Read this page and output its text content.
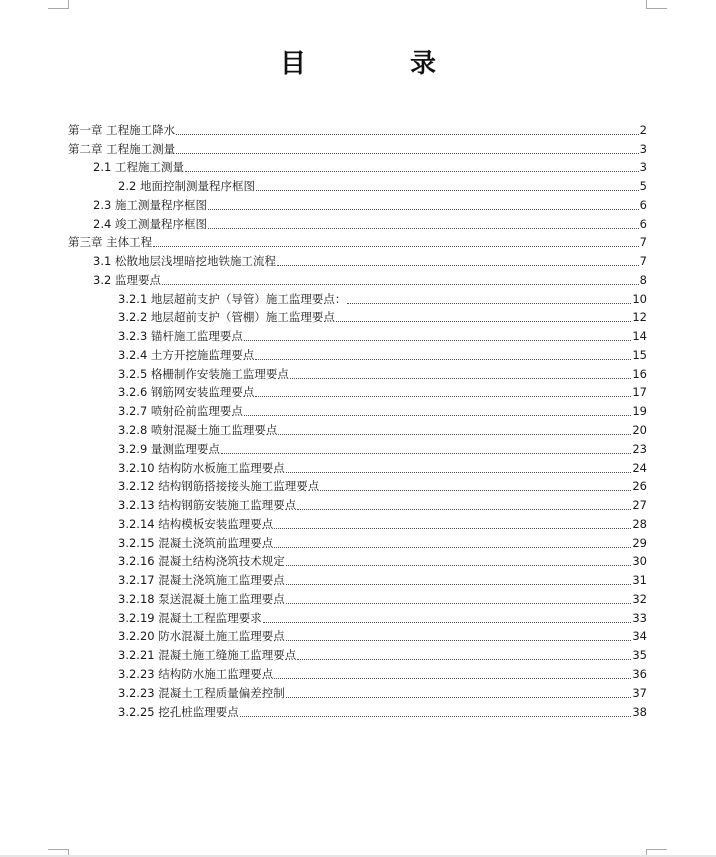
目	录
第一章 工程施工降水	2
第二章 工程施工测量	3
2.1 工程施工测量	3
2.2 地面控制测量程序框图	5
2.3 施工测量程序框图	6
2.4 竣工测量程序框图	6
第三章 主体工程	7
3.1 松散地层浅埋暗挖地铁施工流程	7
3.2 监理要点	8
3.2.1 地层超前支护（导管）施工监理要点：	10
3.2.2 地层超前支护（管棚）施工监理要点	12
3.2.3 锚杆施工监理要点	14
3.2.4 土方开挖施监理要点	15
3.2.5 格栅制作安装施工监理要点	16
3.2.6 钢筋网安装监理要点	17
3.2.7 喷射砼前监理要点	19
3.2.8 喷射混凝土施工监理要点	20
3.2.9 量测监理要点	23
3.2.10 结构防水板施工监理要点	24
3.2.12 结构钢筋搭接接头施工监理要点	26
3.2.13 结构钢筋安装施工监理要点	27
3.2.14 结构模板安装监理要点	28
3.2.15 混凝土浇筑前监理要点	29
3.2.16 混凝土结构浇筑技术规定	30
3.2.17 混凝土浇筑施工监理要点	31
3.2.18 泵送混凝土施工监理要点	32
3.2.19 混凝土工程监理要求	33
3.2.20 防水混凝土施工监理要点	34
3.2.21 混凝土施工缝施工监理要点	35
3.2.23 结构防水施工监理要点	36
3.2.23 混凝土工程质量偏差控制	37
3.2.25 挖孔桩监理要点	38
